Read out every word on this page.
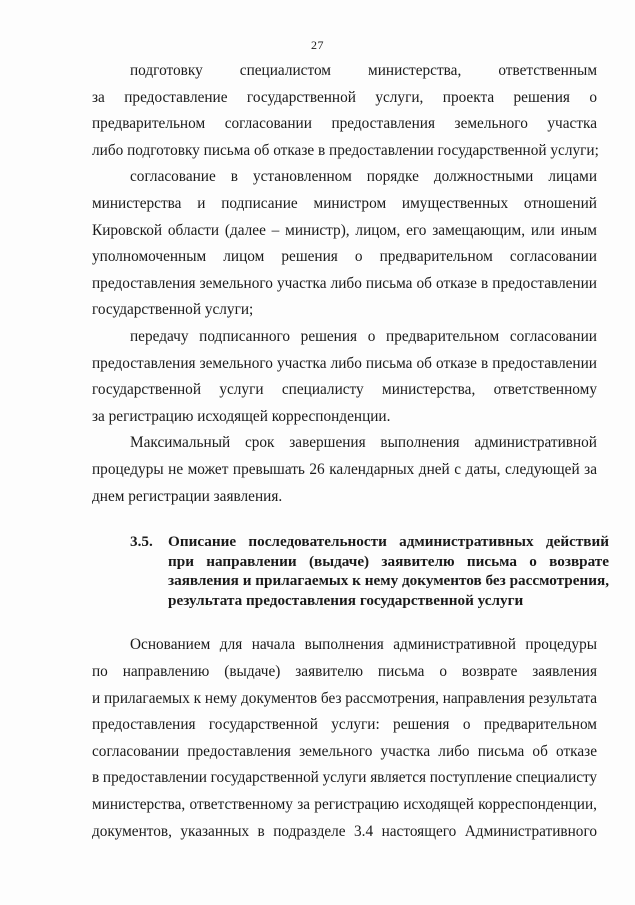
27
подготовку специалистом министерства, ответственным
за предоставление государственной услуги, проекта решения о
предварительном согласовании предоставления земельного участка
либо подготовку письма об отказе в предоставлении государственной услуги;
согласование в установленном порядке должностными лицами
министерства и подписание министром имущественных отношений
Кировской области (далее – министр), лицом, его замещающим, или иным
уполномоченным лицом решения о предварительном согласовании
предоставления земельного участка либо письма об отказе в предоставлении
государственной услуги;
передачу подписанного решения о предварительном согласовании
предоставления земельного участка либо письма об отказе в предоставлении
государственной услуги специалисту министерства, ответственному
за регистрацию исходящей корреспонденции.
Максимальный срок завершения выполнения административной
процедуры не может превышать 26 календарных дней с даты, следующей за
днем регистрации заявления.
3.5.	Описание последовательности административных действий
при направлении (выдаче) заявителю письма о возврате
заявления и прилагаемых к нему документов без рассмотрения,
результата предоставления государственной услуги
Основанием для начала выполнения административной процедуры
по направлению (выдаче) заявителю письма о возврате заявления
и прилагаемых к нему документов без рассмотрения, направления результата
предоставления государственной услуги: решения о предварительном
согласовании предоставления земельного участка либо письма об отказе
в предоставлении государственной услуги является поступление специалисту
министерства, ответственному за регистрацию исходящей корреспонденции,
документов, указанных в подразделе 3.4 настоящего Административного
